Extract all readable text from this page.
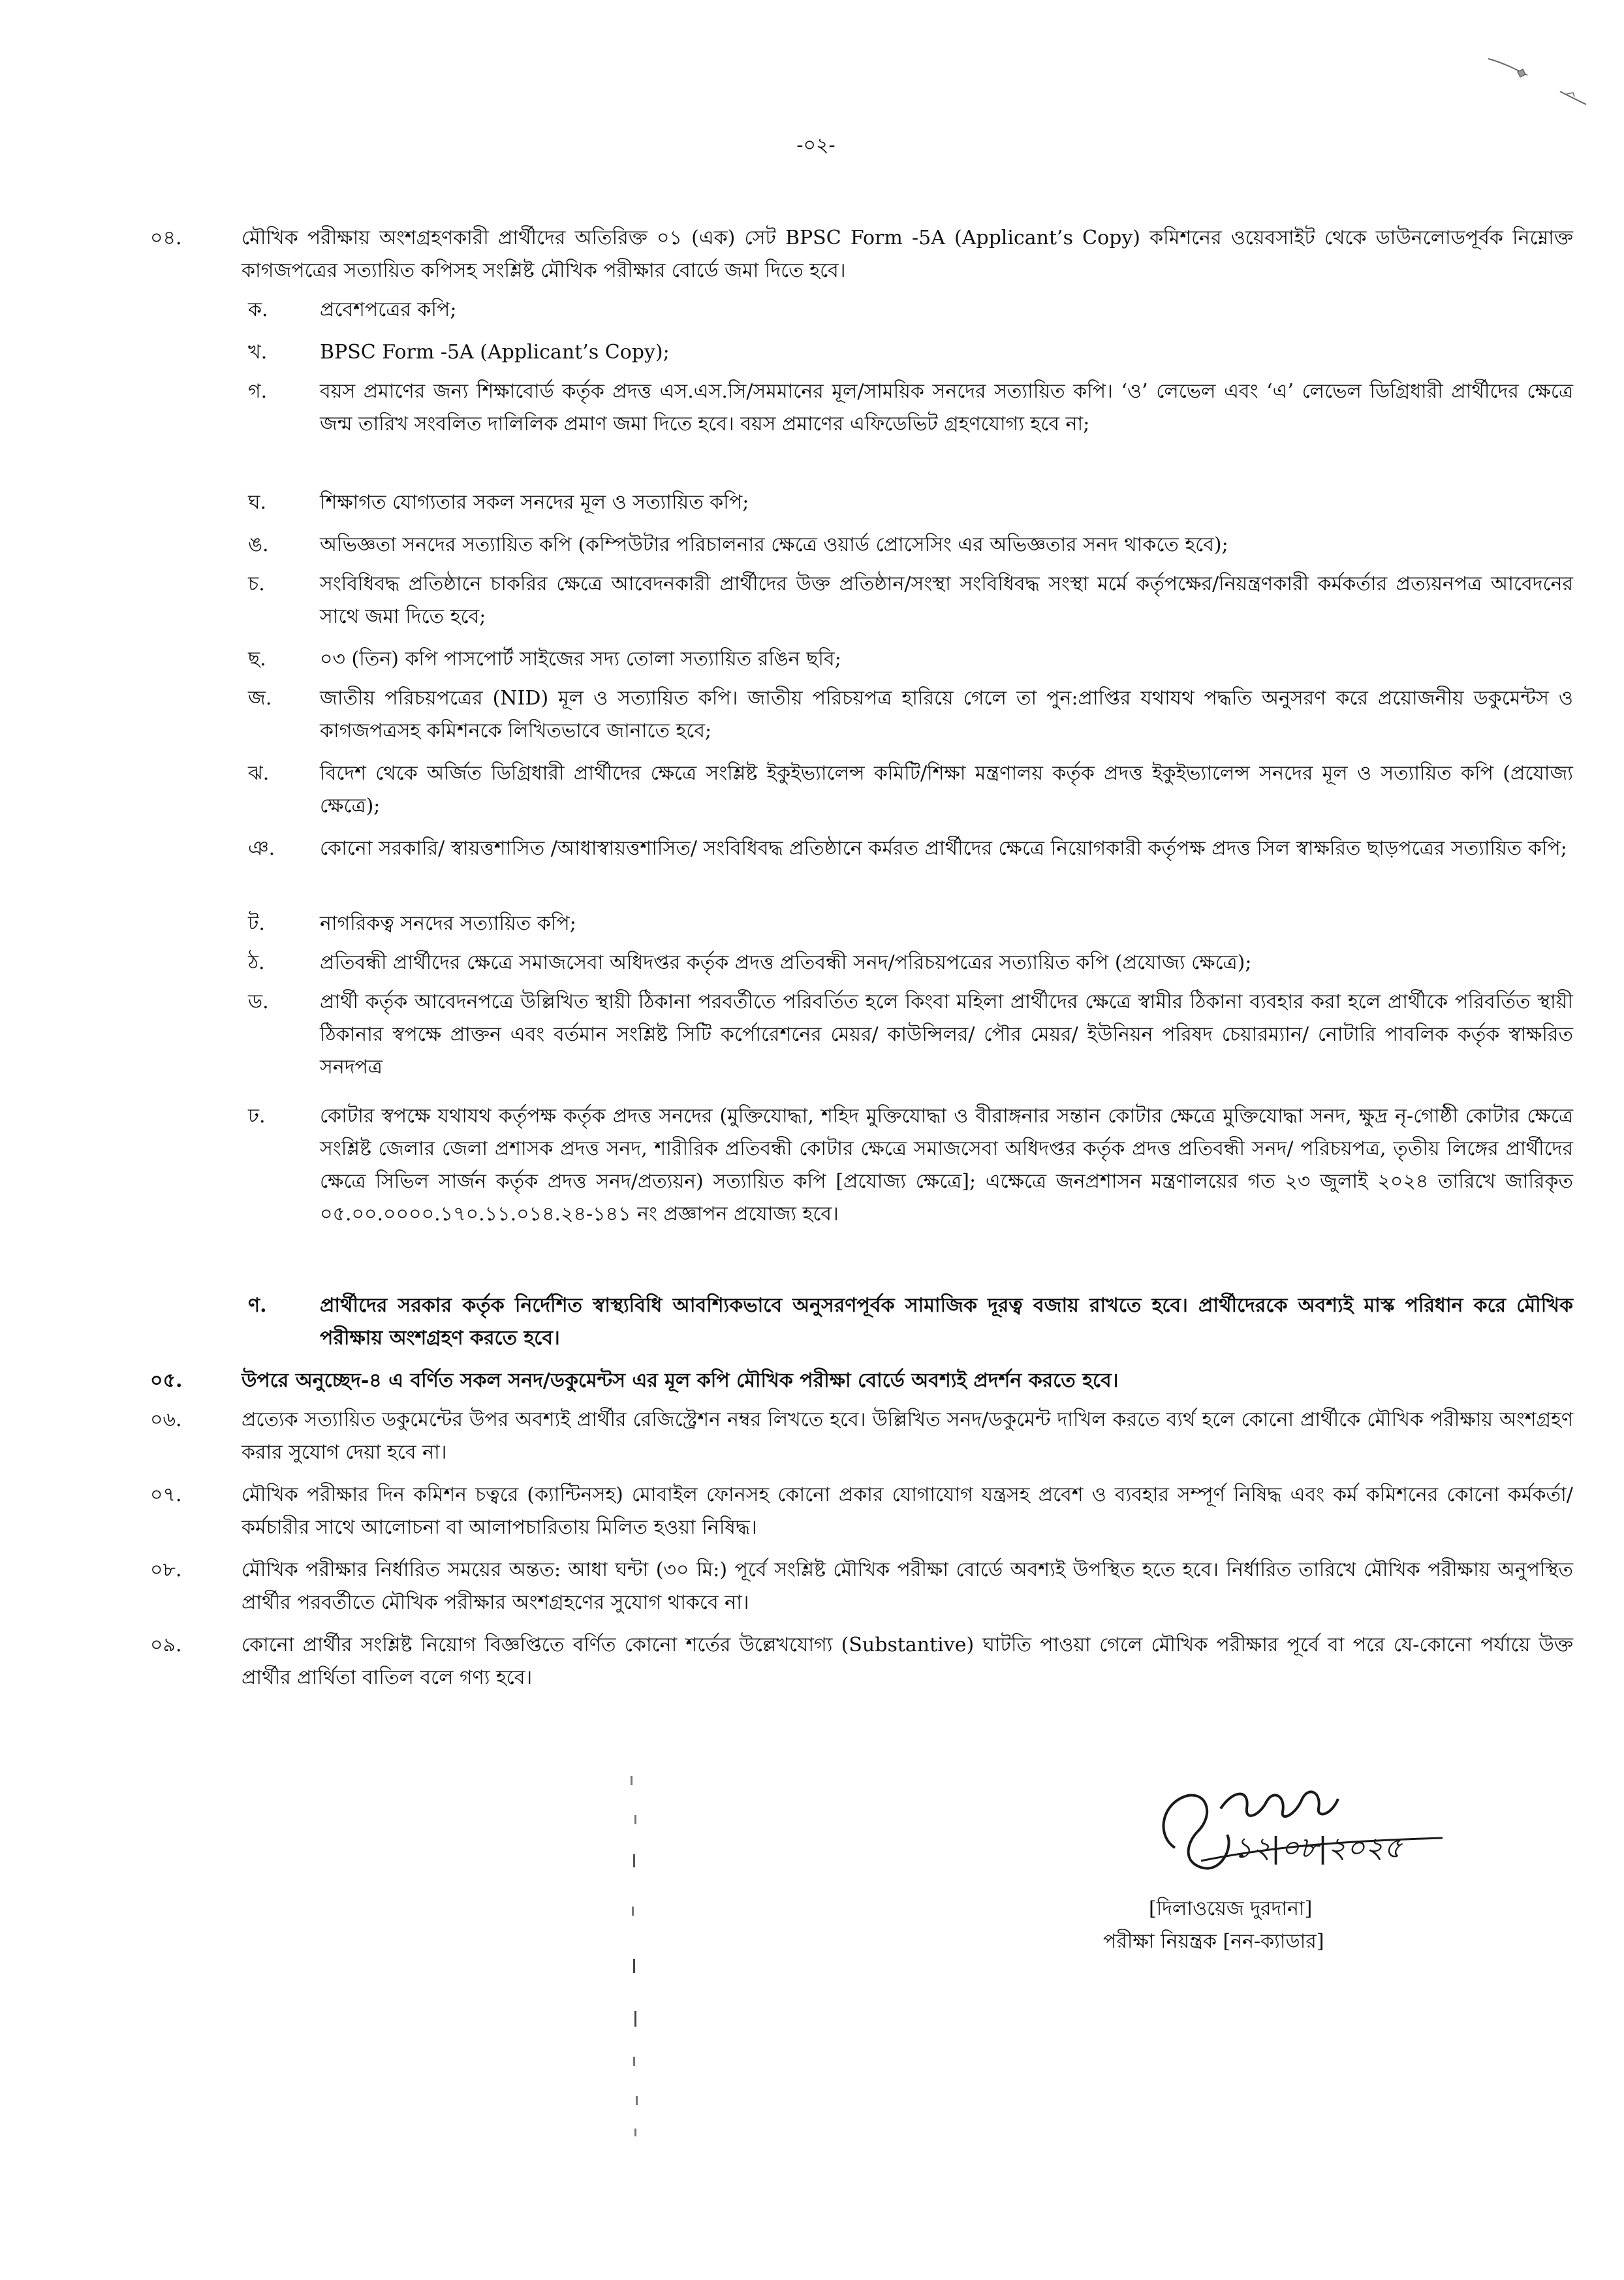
-০২-
০৪.	মৌখিক পরীক্ষায় অংশগ্রহণকারী প্রার্থীদের অতিরিক্ত ০১ (এক) সেট BPSC Form -5A (Applicant’s Copy) কমিশনের ওয়েবসাইট থেকে ডাউনলোডপূর্বক নিম্নোক্ত কাগজপত্রের সত্যায়িত কপিসহ সংশ্লিষ্ট মৌখিক পরীক্ষার বোর্ডে জমা দিতে হবে।
ক.	প্রবেশপত্রের কপি;
খ.	BPSC Form -5A (Applicant’s Copy);
গ.	বয়স প্রমাণের জন্য শিক্ষাবোর্ড কর্তৃক প্রদত্ত এস.এস.সি/সমমানের মূল/সাময়িক সনদের সত্যায়িত কপি। ‘ও’ লেভেল এবং ‘এ’ লেভেল ডিগ্রিধারী প্রার্থীদের ক্ষেত্রে জন্ম তারিখ সংবলিত দালিলিক প্রমাণ জমা দিতে হবে। বয়স প্রমাণের এফিডেভিট গ্রহণযোগ্য হবে না;
ঘ.	শিক্ষাগত যোগ্যতার সকল সনদের মূল ও সত্যায়িত কপি;
ঙ.	অভিজ্ঞতা সনদের সত্যায়িত কপি (কম্পিউটার পরিচালনার ক্ষেত্রে ওয়ার্ড প্রোসেসিং এর অভিজ্ঞতার সনদ থাকতে হবে);
চ.	সংবিধিবদ্ধ প্রতিষ্ঠানে চাকরির ক্ষেত্রে আবেদনকারী প্রার্থীদের উক্ত প্রতিষ্ঠান/সংস্থা সংবিধিবদ্ধ সংস্থা মর্মে কর্তৃপক্ষের/নিয়ন্ত্রণকারী কর্মকর্তার প্রত্যয়নপত্র আবেদনের সাথে জমা দিতে হবে;
ছ.	০৩ (তিন) কপি পাসপোর্ট সাইজের সদ্য তোলা সত্যায়িত রঙিন ছবি;
জ.	জাতীয় পরিচয়পত্রের (NID) মূল ও সত্যায়িত কপি। জাতীয় পরিচয়পত্র হারিয়ে গেলে তা পুন:প্রাপ্তির যথাযথ পদ্ধতি অনুসরণ করে প্রয়োজনীয় ডকুমেন্টস ও কাগজপত্রসহ কমিশনকে লিখিতভাবে জানাতে হবে;
ঝ.	বিদেশ থেকে অর্জিত ডিগ্রিধারী প্রার্থীদের ক্ষেত্রে সংশ্লিষ্ট ইকুইভ্যালেন্স কমিটি/শিক্ষা মন্ত্রণালয় কর্তৃক প্রদত্ত ইকুইভ্যালেন্স সনদের মূল ও সত্যায়িত কপি (প্রযোজ্য ক্ষেত্রে);
ঞ.	কোনো সরকারি/ স্বায়ত্তশাসিত /আধাস্বায়ত্তশাসিত/ সংবিধিবদ্ধ প্রতিষ্ঠানে কর্মরত প্রার্থীদের ক্ষেত্রে নিয়োগকারী কর্তৃপক্ষ প্রদত্ত সিল স্বাক্ষরিত ছাড়পত্রের সত্যায়িত কপি;
ট.	নাগরিকত্ব সনদের সত্যায়িত কপি;
ঠ.	প্রতিবন্ধী প্রার্থীদের ক্ষেত্রে সমাজসেবা অধিদপ্তর কর্তৃক প্রদত্ত প্রতিবন্ধী সনদ/পরিচয়পত্রের সত্যায়িত কপি (প্রযোজ্য ক্ষেত্রে);
ড.	প্রার্থী কর্তৃক আবেদনপত্রে উল্লিখিত স্থায়ী ঠিকানা পরবর্তীতে পরিবর্তিত হলে কিংবা মহিলা প্রার্থীদের ক্ষেত্রে স্বামীর ঠিকানা ব্যবহার করা হলে প্রার্থীকে পরিবর্তিত স্থায়ী ঠিকানার স্বপক্ষে প্রাক্তন এবং বর্তমান সংশ্লিষ্ট সিটি কর্পোরেশনের মেয়র/ কাউন্সিলর/ পৌর মেয়র/ ইউনিয়ন পরিষদ চেয়ারম্যান/ নোটারি পাবলিক কর্তৃক স্বাক্ষরিত সনদপত্র
ঢ.	কোটার স্বপক্ষে যথাযথ কর্তৃপক্ষ কর্তৃক প্রদত্ত সনদের (মুক্তিযোদ্ধা, শহিদ মুক্তিযোদ্ধা ও বীরাঙ্গনার সন্তান কোটার ক্ষেত্রে মুক্তিযোদ্ধা সনদ, ক্ষুদ্র নৃ-গোষ্ঠী কোটার ক্ষেত্রে সংশ্লিষ্ট জেলার জেলা প্রশাসক প্রদত্ত সনদ, শারীরিক প্রতিবন্ধী কোটার ক্ষেত্রে সমাজসেবা অধিদপ্তর কর্তৃক প্রদত্ত প্রতিবন্ধী সনদ/ পরিচয়পত্র, তৃতীয় লিঙ্গের প্রার্থীদের ক্ষেত্রে সিভিল সার্জন কর্তৃক প্রদত্ত সনদ/প্রত্যয়ন) সত্যায়িত কপি [প্রযোজ্য ক্ষেত্রে]; এক্ষেত্রে জনপ্রশাসন মন্ত্রণালয়ের গত ২৩ জুলাই ২০২৪ তারিখে জারিকৃত ০৫.০০.০০০০.১৭০.১১.০১৪.২৪-১৪১ নং প্রজ্ঞাপন প্রযোজ্য হবে।
ণ.	প্রার্থীদের সরকার কর্তৃক নির্দেশিত স্বাস্থ্যবিধি আবশ্যিকভাবে অনুসরণপূর্বক সামাজিক দূরত্ব বজায় রাখতে হবে। প্রার্থীদেরকে অবশ্যই মাস্ক পরিধান করে মৌখিক পরীক্ষায় অংশগ্রহণ করতে হবে।
০৫.	উপরে অনুচ্ছেদ-৪ এ বর্ণিত সকল সনদ/ডকুমেন্টস এর মূল কপি মৌখিক পরীক্ষা বোর্ডে অবশ্যই প্রদর্শন করতে হবে।
০৬.	প্রত্যেক সত্যায়িত ডকুমেন্টের উপর অবশ্যই প্রার্থীর রেজিস্ট্রেশন নম্বর লিখতে হবে। উল্লিখিত সনদ/ডকুমেন্ট দাখিল করতে ব্যর্থ হলে কোনো প্রার্থীকে মৌখিক পরীক্ষায় অংশগ্রহণ করার সুযোগ দেয়া হবে না।
০৭.	মৌখিক পরীক্ষার দিন কমিশন চত্বরে (ক্যান্টিনসহ) মোবাইল ফোনসহ কোনো প্রকার যোগাযোগ যন্ত্রসহ প্রবেশ ও ব্যবহার সম্পূর্ণ নিষিদ্ধ এবং কর্ম কমিশনের কোনো কর্মকর্তা/কর্মচারীর সাথে আলোচনা বা আলাপচারিতায় মিলিত হওয়া নিষিদ্ধ।
০৮.	মৌখিক পরীক্ষার নির্ধারিত সময়ের অন্তত: আধা ঘন্টা (৩০ মি:) পূর্বে সংশ্লিষ্ট মৌখিক পরীক্ষা বোর্ডে অবশ্যই উপস্থিত হতে হবে। নির্ধারিত তারিখে মৌখিক পরীক্ষায় অনুপস্থিত প্রার্থীর পরবর্তীতে মৌখিক পরীক্ষার অংশগ্রহণের সুযোগ থাকবে না।
০৯.	কোনো প্রার্থীর সংশ্লিষ্ট নিয়োগ বিজ্ঞপ্তিতে বর্ণিত কোনো শর্তের উল্লেখযোগ্য (Substantive) ঘাটতি পাওয়া গেলে মৌখিক পরীক্ষার পূর্বে বা পরে যে-কোনো পর্যায়ে উক্ত প্রার্থীর প্রার্থিতা বাতিল বলে গণ্য হবে।
১২|০৮|২০২৫
[দিলাওয়েজ দুরদানা]
পরীক্ষা নিয়ন্ত্রক [নন-ক্যাডার]
